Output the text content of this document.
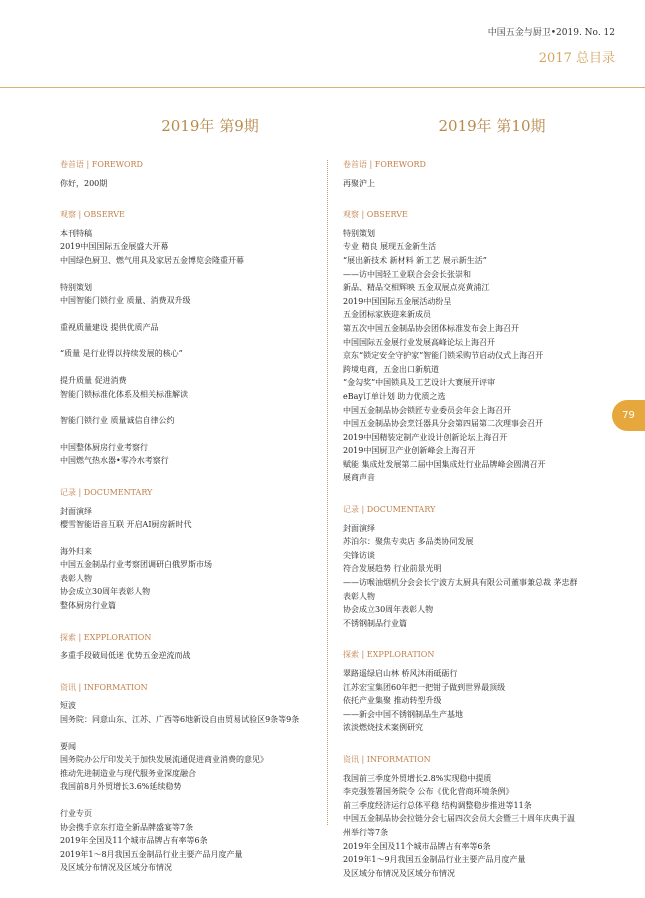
中国五金与厨卫•2019. No. 12
2017 总目录
2019年 第9期	2019年 第10期
卷首语 | FOREWORD
你好，200期
观察 | OBSERVE
本刊特稿
2019中国国际五金展盛大开幕
中国绿色厨卫、燃气用具及家居五金博览会隆重开幕
特别策划
中国智能门锁行业 质量、消费双升级
重视质量建设 提供优质产品
“质量 是行业得以持续发展的核心”
提升质量 促进消费
智能门锁标准化体系及相关标准解读
智能门锁行业 质量诚信自律公约
中国整体厨房行业考察行
中国燃气热水器•零冷水考察行
记录 | DOCUMENTARY
封面演绎
樱雪智能语音互联 开启AI厨房新时代
海外归来
中国五金制品行业考察团调研白俄罗斯市场
表彰人物
协会成立30周年表彰人物
整体厨房行业篇
探索 | EXPPLORATION
多重手段破局低迷 优势五金逆流而战
资讯 | INFORMATION
短波
国务院：同意山东、江苏、广西等6地新设自由贸易试验区9条等9条
要闻
国务院办公厅印发关于加快发展流通促进商业消费的意见》
推动先进制造业与现代服务业深度融合
我国前8月外贸增长3.6%延续稳势
行业专页
协会携手京东打造全新品牌盛宴等7条
2019年全国及11个城市品牌占有率等6条
2019年1～8月我国五金制品行业主要产品月度产量
及区域分布情况及区域分布情况
卷首语 | FOREWORD
再聚沪上
观察 | OBSERVE
特别策划
专业 精良 展现五金新生活
“展出新技术 新材料 新工艺 展示新生活”
——访中国轻工业联合会会长张崇和
新品、精品交相辉映 五金双展点亮黄浦江
2019中国国际五金展活动纷呈
五金团标家族迎来新成员
第五次中国五金制品协会团体标准发布会上海召开
中国国际五金展行业发展高峰论坛上海召开
京东“锁定安全守护家”智能门锁采购节启动仪式上海召开
跨境电商，五金出口新航道
“金勾奖”中国锁具及工艺设计大赛展开评审
eBay订单计划 助力优质之选
中国五金制品协会锁匠专业委员会年会上海召开
中国五金制品协会烹饪器具分会第四届第二次理事会召开
2019中国精装定制产业设计创新论坛上海召开
2019中国厨卫产业创新峰会上海召开
赋能 集成灶发展第二届中国集成灶行业品牌峰会圆满召开
展商声音
记录 | DOCUMENTARY
封面演绎
苏泊尔：聚焦专卖店 多品类协同发展
尖锋访谈
符合发展趋势 行业前景光明
——访喉油烟机分会会长宁波方太厨具有限公司董事兼总裁 茅忠群
表彰人物
协会成立30周年表彰人物
不锈钢制品行业篇
探索 | EXPPLORATION
翠路遥绿启山林 桥风沐雨砥砺行
江苏宏宝集团60年把一把钳子做到世界最顶级
依托产业集聚 推动转型升级
——新会中国不锈钢制品生产基地
浓淡燃烧技术案例研究
资讯 | INFORMATION
我国前三季度外贸增长2.8%实现稳中提质
李克强签署国务院令 公布《优化营商环境条例》
前三季度经济运行总体平稳 结构调整稳步推进等11条
中国五金制品协会拉链分会七届四次会员大会暨三十周年庆典于温
州举行等7条
2019年全国及11个城市品牌占有率等6条
2019年1～9月我国五金制品行业主要产品月度产量
及区域分布情况及区域分布情况
79
